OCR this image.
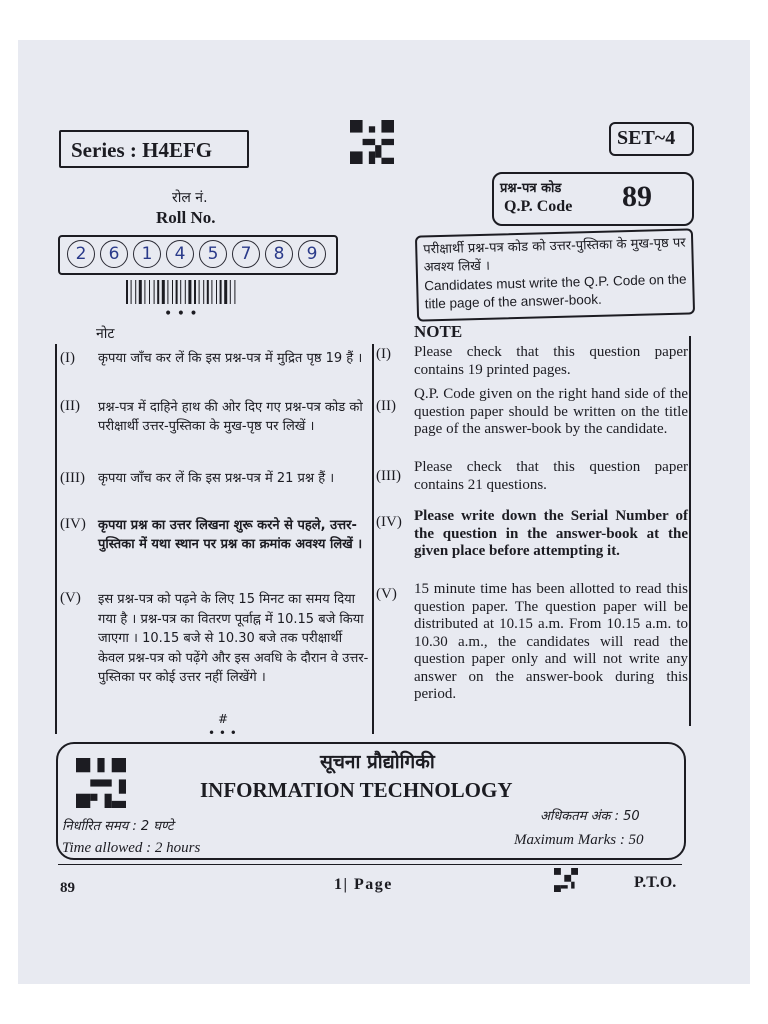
Series : H4EFG	SET~4
रोल नं.
Roll No.
2	6	1	4	5	7	8	9
• • •
प्रश्न-पत्र कोड
Q.P. Code 89
परीक्षार्थी प्रश्न-पत्र कोड को उत्तर-पुस्तिका के मुख-पृष्ठ पर अवश्य लिखें ।
Candidates must write the Q.P. Code on the title page of the answer-book.
नोट	NOTE
(I) कृपया जाँच कर लें कि इस प्रश्न-पत्र में मुद्रित पृष्ठ 19 हैं ।
(II) प्रश्न-पत्र में दाहिने हाथ की ओर दिए गए प्रश्न-पत्र कोड को परीक्षार्थी उत्तर-पुस्तिका के मुख-पृष्ठ पर लिखें ।
(III) कृपया जाँच कर लें कि इस प्रश्न-पत्र में 21 प्रश्न हैं ।
(IV) कृपया प्रश्न का उत्तर लिखना शुरू करने से पहले, उत्तर-पुस्तिका में यथा स्थान पर प्रश्न का क्रमांक अवश्य लिखें ।
(V) इस प्रश्न-पत्र को पढ़ने के लिए 15 मिनट का समय दिया गया है । प्रश्न-पत्र का वितरण पूर्वाह्न में 10.15 बजे किया जाएगा । 10.15 बजे से 10.30 बजे तक परीक्षार्थी केवल प्रश्न-पत्र को पढ़ेंगे और इस अवधि के दौरान वे उत्तर-पुस्तिका पर कोई उत्तर नहीं लिखेंगे ।
(I) Please check that this question paper contains 19 printed pages.
(II)
Q.P. Code given on the right hand side of the question paper should be written on the title page of the answer-book by the candidate.
(III)
Please check that this question paper contains 21 questions.
(IV) Please write down the Serial Number of the question in the answer-book at the given place before attempting it.
(V) 15 minute time has been allotted to read this question paper. The question paper will be distributed at 10.15 a.m. From 10.15 a.m. to 10.30 a.m., the candidates will read the question paper only and will not write any answer on the answer-book during this period.
#
• • •
सूचना प्रौद्योगिकी
INFORMATION TECHNOLOGY
निर्धारित समय : 2 घण्टे
Time allowed : 2 hours
अधिकतम अंक : 50
Maximum Marks : 50
89	1| Page	P.T.O.
